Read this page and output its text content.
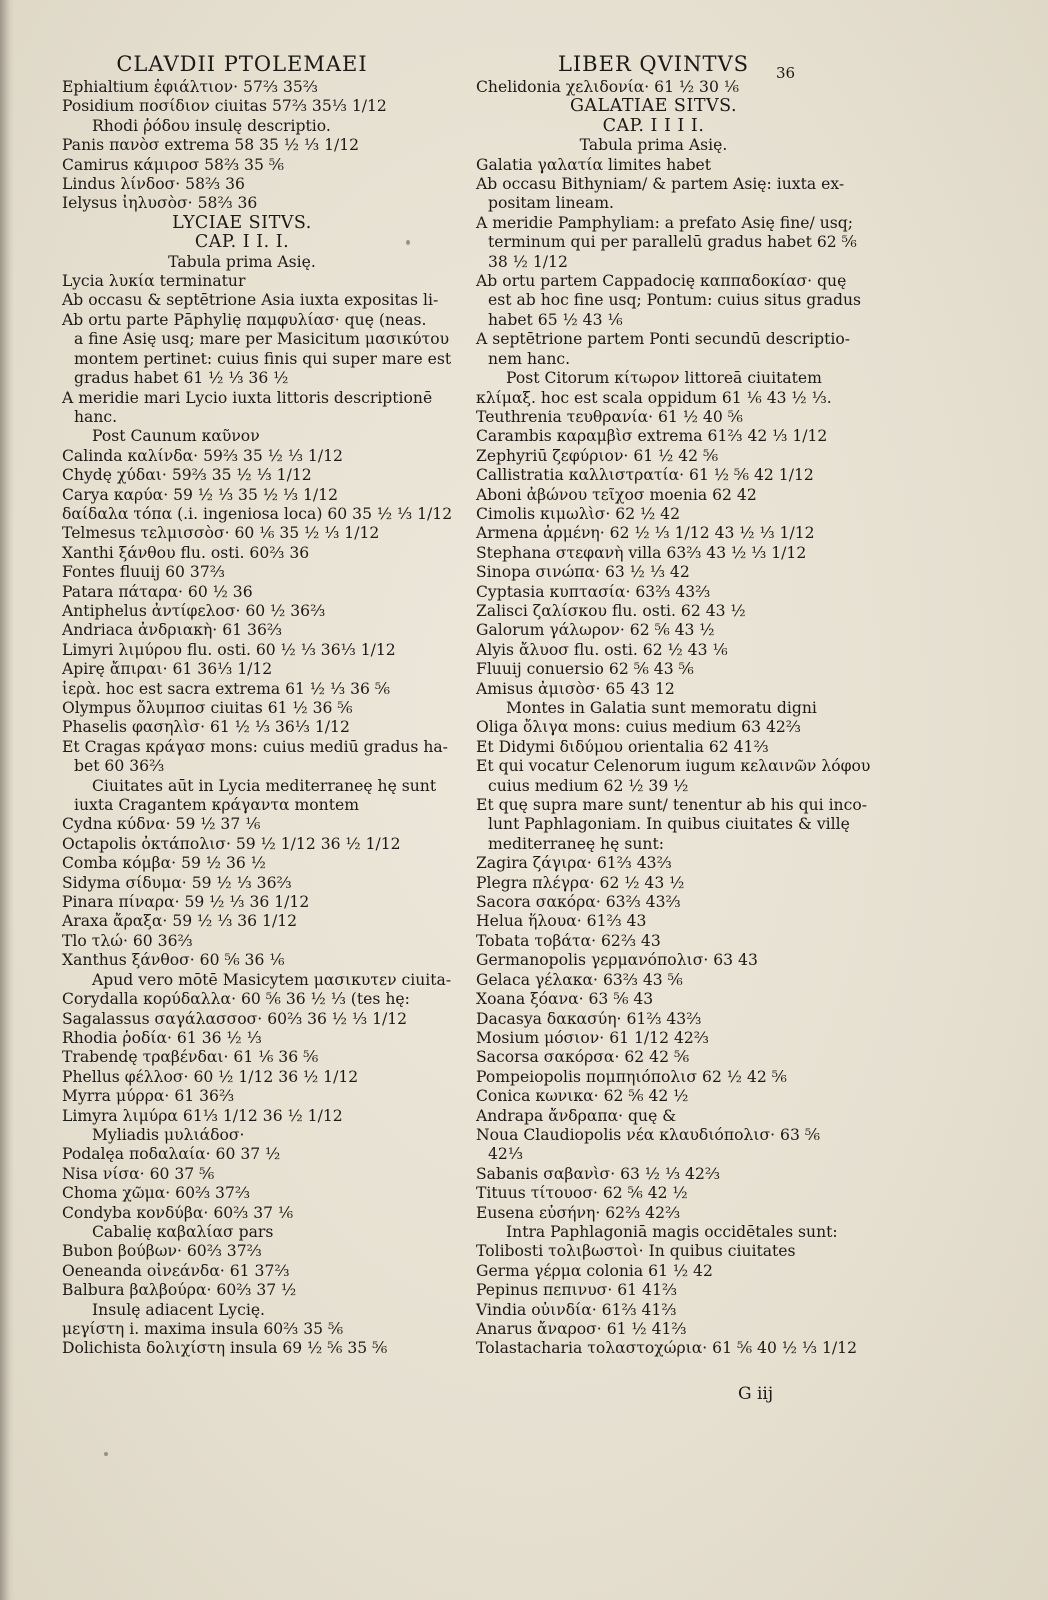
CLAVDII PTOLEMAEI
Ephialtium ἐφιάλτιον· 57⅔ 35⅔
Posidium ποσίδιον ciuitas 57⅔ 35⅓ 1/12
Rhodi ῥόδου insulę descriptio.
Panis πανὸσ extrema 58 35 ½ ⅓ 1/12
Camirus κάμιροσ 58⅔ 35 ⅚
Lindus λίνδοσ· 58⅔ 36
Ielysus ἰηλυσὸσ· 58⅔ 36
LYCIAE SITVS.
CAP. I I. I.
Tabula prima Asię.
Lycia λυκία terminatur
Ab occasu & septētrione Asia iuxta expositas li-
Ab ortu parte Pāphylię παμφυλίασ· quę (neas.
a fine Asię usq; mare per Masicitum μασικύτου
montem pertinet: cuius finis qui super mare est
gradus habet 61 ½ ⅓ 36 ½
A meridie mari Lycio iuxta littoris descriptionē
hanc.
Post Caunum καῦνον
Calinda καλίνδα· 59⅔ 35 ½ ⅓ 1/12
Chydę χύδαι· 59⅔ 35 ½ ⅓ 1/12
Carya καρύα· 59 ½ ⅓ 35 ½ ⅓ 1/12
δαίδαλα τόπα (.i. ingeniosa loca) 60 35 ½ ⅓ 1/12
Telmesus τελμισσὸσ· 60 ⅙ 35 ½ ⅓ 1/12
Xanthi ξάνθου flu. osti. 60⅔ 36
Fontes fluuij 60 37⅔
Patara πάταρα· 60 ½ 36
Antiphelus ἀντίφελοσ· 60 ½ 36⅔
Andriaca ἀνδριακὴ· 61 36⅔
Limyri λιμύρου flu. osti. 60 ½ ⅓ 36⅓ 1/12
Apirę ἄπιραι· 61 36⅓ 1/12
ἱερὰ. hoc est sacra extrema 61 ½ ⅓ 36 ⅚
Olympus ὄλυμποσ ciuitas 61 ½ 36 ⅚
Phaselis φασηλὶσ· 61 ½ ⅓ 36⅓ 1/12
Et Cragas κράγασ mons: cuius mediū gradus ha-
bet 60 36⅔
Ciuitates aūt in Lycia mediterraneę hę sunt
iuxta Cragantem κράγαντα montem
Cydna κύδνα· 59 ½ 37 ⅙
Octapolis ὀκτάπολισ· 59 ½ 1/12 36 ½ 1/12
Comba κόμβα· 59 ½ 36 ½
Sidyma σίδυμα· 59 ½ ⅓ 36⅔
Pinara πίναρα· 59 ½ ⅓ 36 1/12
Araxa ἄραξα· 59 ½ ⅓ 36 1/12
Tlo τλώ· 60 36⅔
Xanthus ξάνθοσ· 60 ⅚ 36 ⅙
Apud vero mōtē Masicytem μασικυτεν ciuita-
Corydalla κορύδαλλα· 60 ⅚ 36 ½ ⅓ (tes hę:
Sagalassus σαγάλασσοσ· 60⅔ 36 ½ ⅓ 1/12
Rhodia ῥοδία· 61 36 ½ ⅓
Trabendę τραβένδαι· 61 ⅙ 36 ⅚
Phellus φέλλοσ· 60 ½ 1/12 36 ½ 1/12
Myrra μύρρα· 61 36⅔
Limyra λιμύρα 61⅓ 1/12 36 ½ 1/12
Myliadis μυλιάδοσ·
Podalęa ποδαλαία· 60 37 ½
Nisa νίσα· 60 37 ⅚
Choma χῶμα· 60⅔ 37⅔
Condyba κονδύβα· 60⅔ 37 ⅙
Cabalię καβαλίασ pars
Bubon βούβων· 60⅔ 37⅔
Oeneanda οἰνεάνδα· 61 37⅔
Balbura βαλβούρα· 60⅔ 37 ½
Insulę adiacent Lycię.
μεγίστη i. maxima insula 60⅔ 35 ⅚
Dolichista δολιχίστη insula 69 ½ ⅚ 35 ⅚
LIBER QVINTVS
Chelidonia χελιδονία· 61 ½ 30 ⅙
GALATIAE SITVS.
CAP. I I I I.
Tabula prima Asię.
Galatia γαλατία limites habet
Ab occasu Bithyniam/ & partem Asię: iuxta ex-
positam lineam.
A meridie Pamphyliam: a prefato Asię fine/ usq;
terminum qui per parallelū gradus habet 62 ⅚
38 ½ 1/12
Ab ortu partem Cappadocię καππαδοκίασ· quę
est ab hoc fine usq; Pontum: cuius situs gradus
habet 65 ½ 43 ⅙
A septētrione partem Ponti secundū descriptio-
nem hanc.
Post Citorum κίτωρον littoreā ciuitatem
κλίμαξ. hoc est scala oppidum 61 ⅙ 43 ½ ⅓.
Teuthrenia τευθρανία· 61 ½ 40 ⅚
Carambis καραμβὶσ extrema 61⅔ 42 ⅓ 1/12
Zephyriū ζεφύριον· 61 ½ 42 ⅚
Callistratia καλλιστρατία· 61 ½ ⅚ 42 1/12
Aboni ἀβώνου τεῖχοσ moenia 62 42
Cimolis κιμωλὶσ· 62 ½ 42
Armena ἀρμένη· 62 ½ ⅓ 1/12 43 ½ ⅓ 1/12
Stephana στεφανὴ villa 63⅔ 43 ½ ⅓ 1/12
Sinopa σινώπα· 63 ½ ⅓ 42
Cyptasia κυπτασία· 63⅔ 43⅔
Zalisci ζαλίσκου flu. osti. 62 43 ½
Galorum γάλωρον· 62 ⅚ 43 ½
Alyis ἄλυοσ flu. osti. 62 ½ 43 ⅙
Fluuij conuersio 62 ⅚ 43 ⅚
Amisus ἀμισὸσ· 65 43 12
Montes in Galatia sunt memoratu digni
Oliga ὄλιγα mons: cuius medium 63 42⅔
Et Didymi διδύμου orientalia 62 41⅔
Et qui vocatur Celenorum iugum κελαινῶν λόφου
cuius medium 62 ½ 39 ½
Et quę supra mare sunt/ tenentur ab his qui inco-
lunt Paphlagoniam. In quibus ciuitates & villę
mediterraneę hę sunt:
Zagira ζάγιρα· 61⅔ 43⅔
Plegra πλέγρα· 62 ½ 43 ½
Sacora σακόρα· 63⅔ 43⅔
Helua ἥλουα· 61⅔ 43
Tobata τοβάτα· 62⅔ 43
Germanopolis γερμανόπολισ· 63 43
Gelaca γέλακα· 63⅔ 43 ⅚
Xoana ξόανα· 63 ⅚ 43
Dacasya δακασύη· 61⅔ 43⅔
Mosium μόσιον· 61 1/12 42⅔
Sacorsa σακόρσα· 62 42 ⅚
Pompeiopolis πομπηιόπολισ 62 ½ 42 ⅚
Conica κωνικα· 62 ⅚ 42 ½
Andrapa ἄνδραπα· quę &
Noua Claudiopolis νέα κλαυδιόπολισ· 63 ⅚
42⅓
Sabanis σαβανὶσ· 63 ½ ⅓ 42⅔
Tituus τίτουοσ· 62 ⅚ 42 ½
Eusena εὐσήνη· 62⅔ 42⅔
Intra Paphlagoniā magis occidētales sunt:
Tolibosti τολιβωστοὶ· In quibus ciuitates
Germa γέρμα colonia 61 ½ 42
Pepinus πεπινυσ· 61 41⅔
Vindia οὐινδία· 61⅔ 41⅔
Anarus ἄναροσ· 61 ½ 41⅔
Tolastacharia τολαστοχώρια· 61 ⅚ 40 ½ ⅓ 1/12
36
G iij
